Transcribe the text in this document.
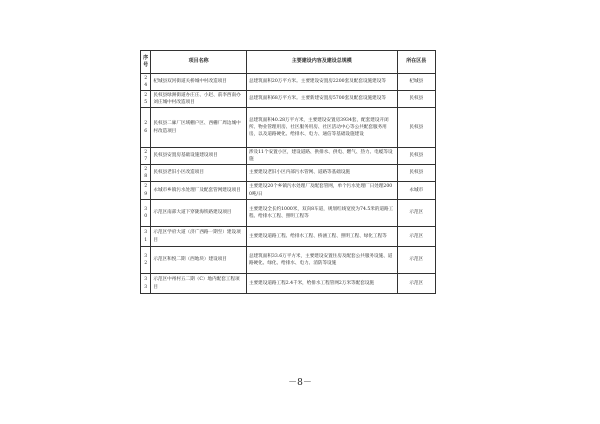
序号	项目名称	主要建设内容及建设总规模	所在区县
24	杞城县双河街道关桥城中村改造项目	总建筑面积20万平方米。主要建设安置房2200套及配套设施建设等	杞城县
25	民权县绿洲街道办庄庄、小赵、前李西南办刘庄城中村改造项目	总建筑面积68万平方米。主要新建安置房5700套及配套设施建设等	民权县
26	民权县二廊厂区域棚户区、西栅厂周边城中村改造项目	总建筑面积40.28万平方米，主要建设安置房3934套，配套建设开闭所、物业管理用房、社区服务用房、社区活动中心等公共配套服务用房，以及道路硬化、给排水、电力、通信等基础设施建设	民权县
27	民权县安置房基础设施建设项目	涉及11个安置小区，建设道路、供排水、供电、燃气、热力、电缆等设施	民权县
28	民权县老旧小区改造项目	主要建设老旧小区内部污水管网、道路等基础设施	民权县
29	永城市乡镇污水处理厂及配套管网建设项目	主要建设20个乡镇污水处理厂及配套管网，单个污水处理厂日处理2000吨/日	永城市
30	示范区南部大道下穿陇海铁路建设项目	主要建设全长约1000米，双向8车道，规划红线宽度为74.5米的道路工程、给排水工程、照明工程等	示范区
31	示范区学府大道（济广西路一期至）建设项目	主要建设道路工程、给排水工程、桥涵工程、照明工程、绿化工程等	示范区
32	示范区和悦二期（西地块）建设项目	总建筑面积33.6万平方米，主要建设安置住房及配套公共服务设施、道路硬化、绿化、给排水、电力、消防等设施	示范区
33	示范区中州村五二期（C）地内配套工程项目	主要建设道路工程2.4千米，给排水工程管网2万米等配套设施	示范区
－8－
